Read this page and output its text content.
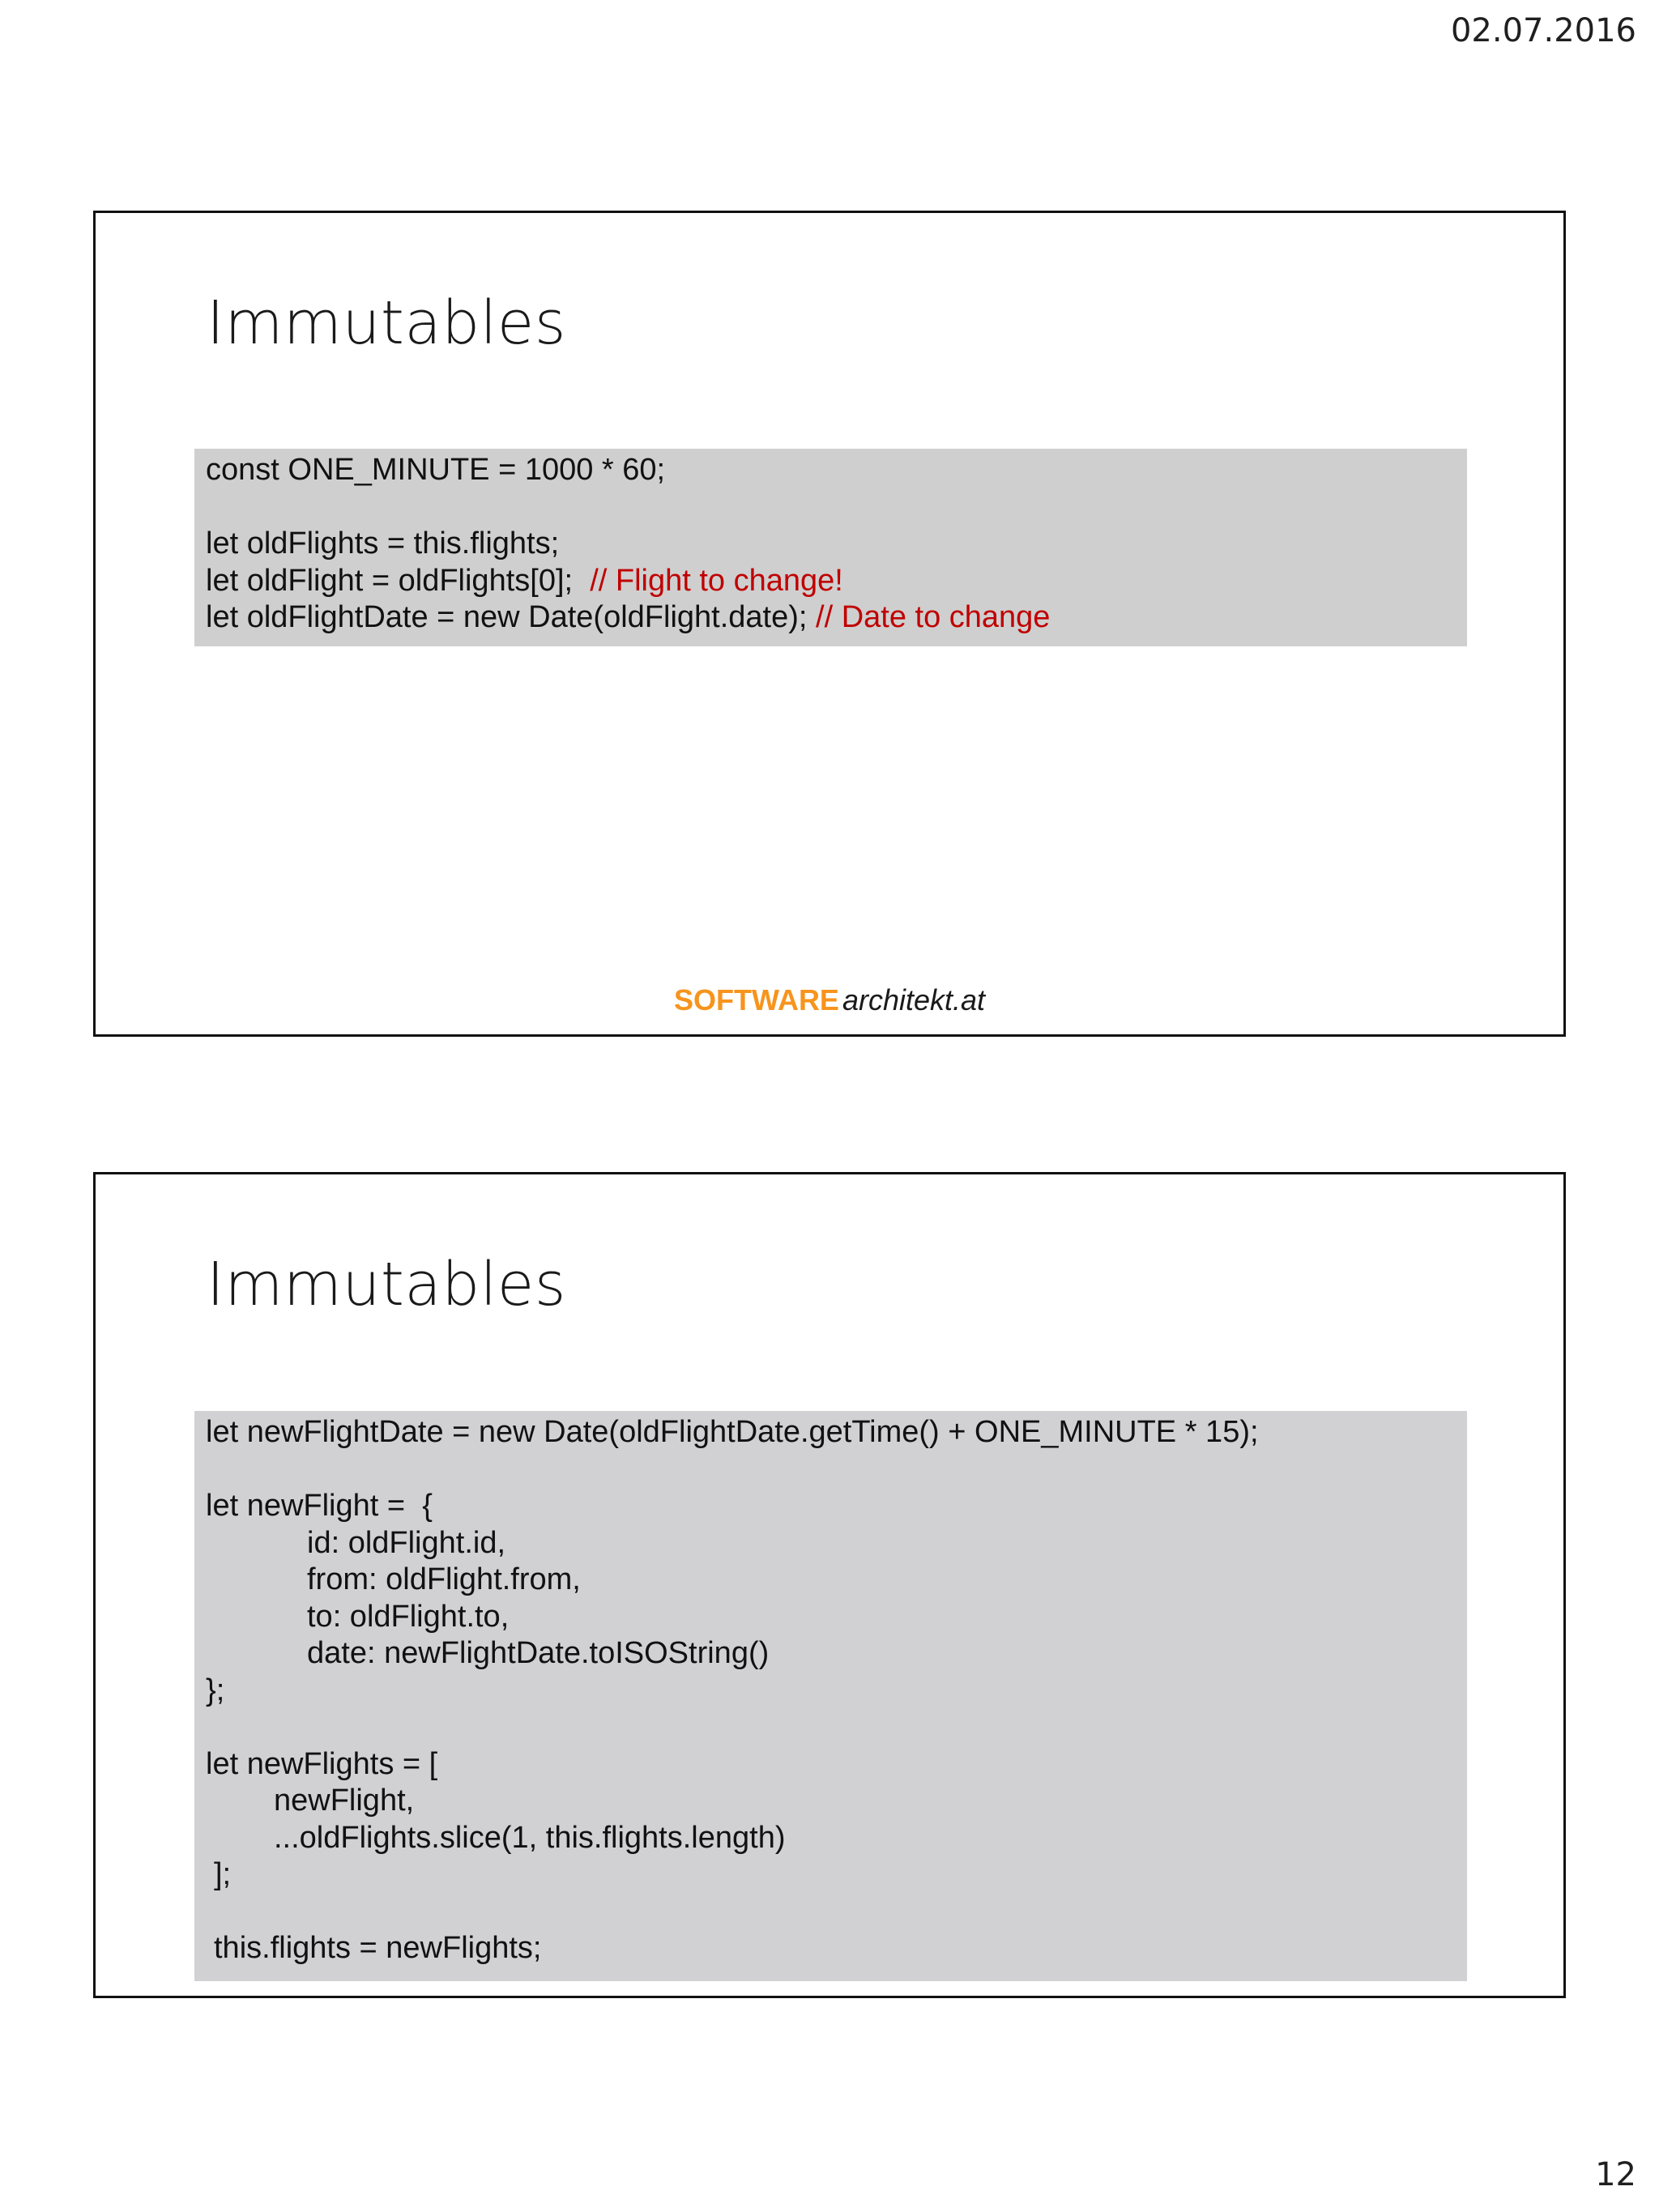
02.07.2016
Immutables
const ONE_MINUTE = 1000 * 60;
let oldFlights = this.flights;
let oldFlight = oldFlights[0];  // Flight to change!
let oldFlightDate = new Date(oldFlight.date); // Date to change
SOFTWARE architekt.at
Immutables
let newFlightDate = new Date(oldFlightDate.getTime() + ONE_MINUTE * 15);
let newFlight =  {
id: oldFlight.id,
from: oldFlight.from,
to: oldFlight.to,
date: newFlightDate.toISOString()
};
let newFlights = [
newFlight,
...oldFlights.slice(1, this.flights.length)
];
this.flights = newFlights;
12
